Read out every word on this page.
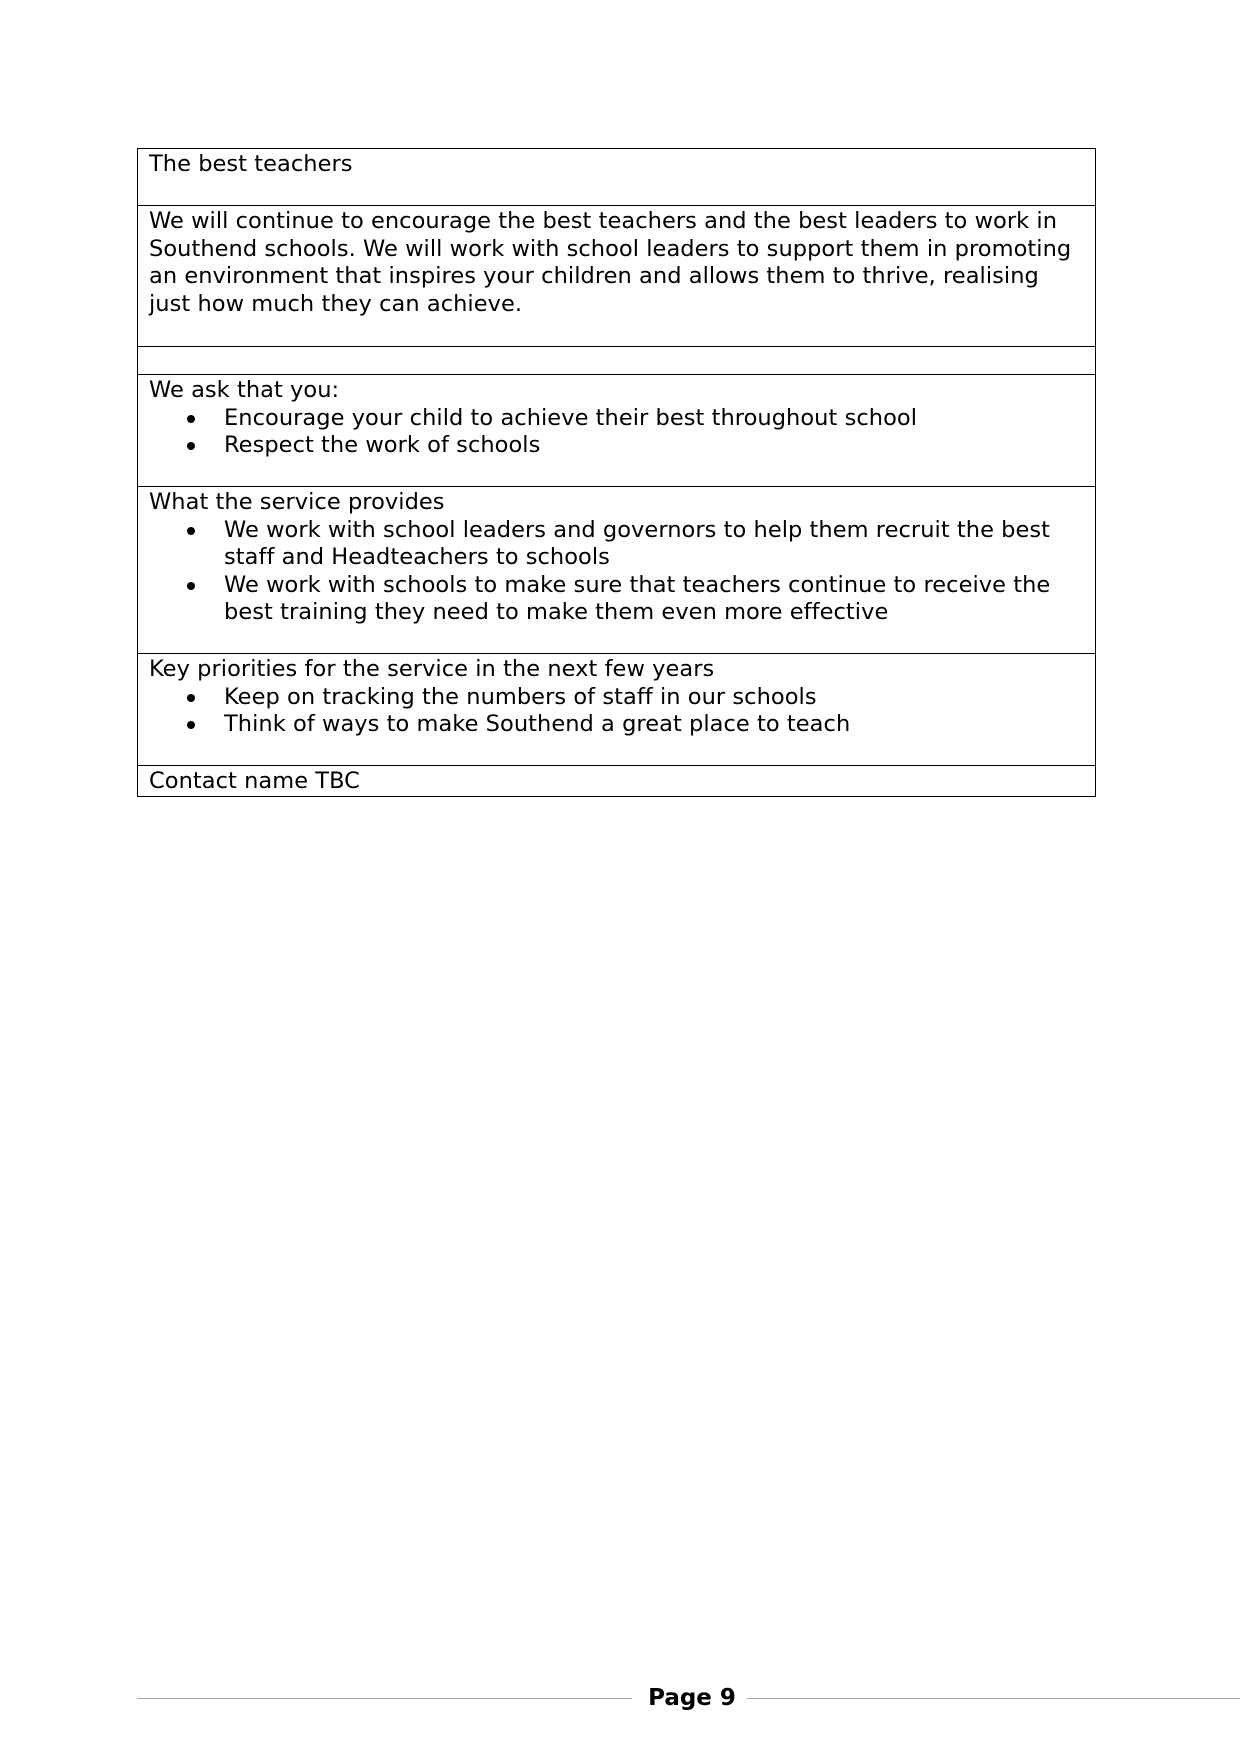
The best teachers
We will continue to encourage the best teachers and the best leaders to work in Southend schools. We will work with school leaders to support them in promoting an environment that inspires your children and allows them to thrive, realising just how much they can achieve.

We ask that you:
Encourage your child to achieve their best throughout school
Respect the work of schools

What the service provides
We work with school leaders and governors to help them recruit the best staff and Headteachers to schools
We work with schools to make sure that teachers continue to receive the best training they need to make them even more effective

Key priorities for the service in the next few years
Keep on tracking the numbers of staff in our schools
Think of ways to make Southend a great place to teach

Contact name TBC
Page 9
